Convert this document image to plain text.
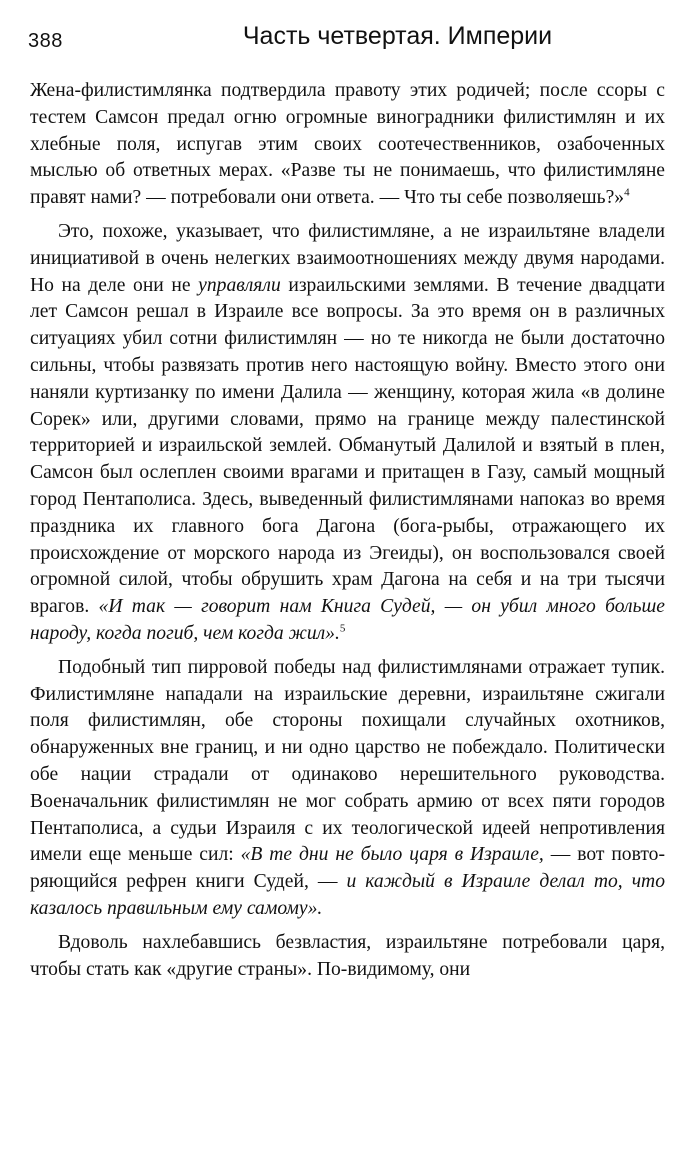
388	Часть четвертая. Империи

Жена-филистимлянка подтвердила правоту этих родичей; после ссоры с тестем Самсон предал огню огромные виноградники филистимлян и их хлебные поля, испугав этим своих соотечественников, озабоченных мыслью об ответных мерах. «Разве ты не понимаешь, что филистимляне правят нами? — потребовали они ответа. — Что ты себе позволяешь?»$^4$

Это, похоже, указывает, что филистимляне, а не израильтяне владели инициативой в очень нелегких взаимоотношениях между двумя народами. Но на деле они не управляли израильскими землями. В течение двадцати лет Самсон решал в Израиле все вопросы. За это время он в различных ситуациях убил сотни филистимлян — но те никогда не были достаточно сильны, чтобы развязать против него настоящую войну. Вместо этого они наняли куртизанку по имени Далила — женщину, которая жила «в долине Сорек» или, другими словами, прямо на границе между палестинской территорией и израильской землей. Обманутый Далилой и взятый в плен, Самсон был ослеплен своими врагами и притащен в Газу, самый мощный город Пентаполиса. Здесь, выведенный филистимлянами напоказ во время праздника их главного бога Дагона (бога-рыбы, отражающего их происхождение от морского народа из Эгеиды), он воспользовался своей огромной силой, чтобы обрушить храм Дагона на себя и на три тысячи врагов. «И так — говорит нам Книга Судей, — он убил много больше народу, когда погиб, чем когда жил».$^5$

Подобный тип пирровой победы над филистимлянами отражает тупик. Филистимляне нападали на израильские деревни, израильтяне сжигали поля филистимлян, обе стороны похищали случайных охотников, обнаруженных вне границ, и ни одно царство не побеждало. Политически обе нации страдали от одинаково нерешительного руководства. Военачальник филистимлян не мог собрать армию от всех пяти городов Пентаполиса, а судьи Израиля с их теологической идеей непротивления имели еще меньше сил: «В те дни не было царя в Израиле, — вот повторяющийся рефрен книги Судей, — и каждый в Израиле делал то, что казалось правильным ему самому».

Вдоволь нахлебавшись безвластия, израильтяне потребовали царя, чтобы стать как «другие страны». По-видимому, они
